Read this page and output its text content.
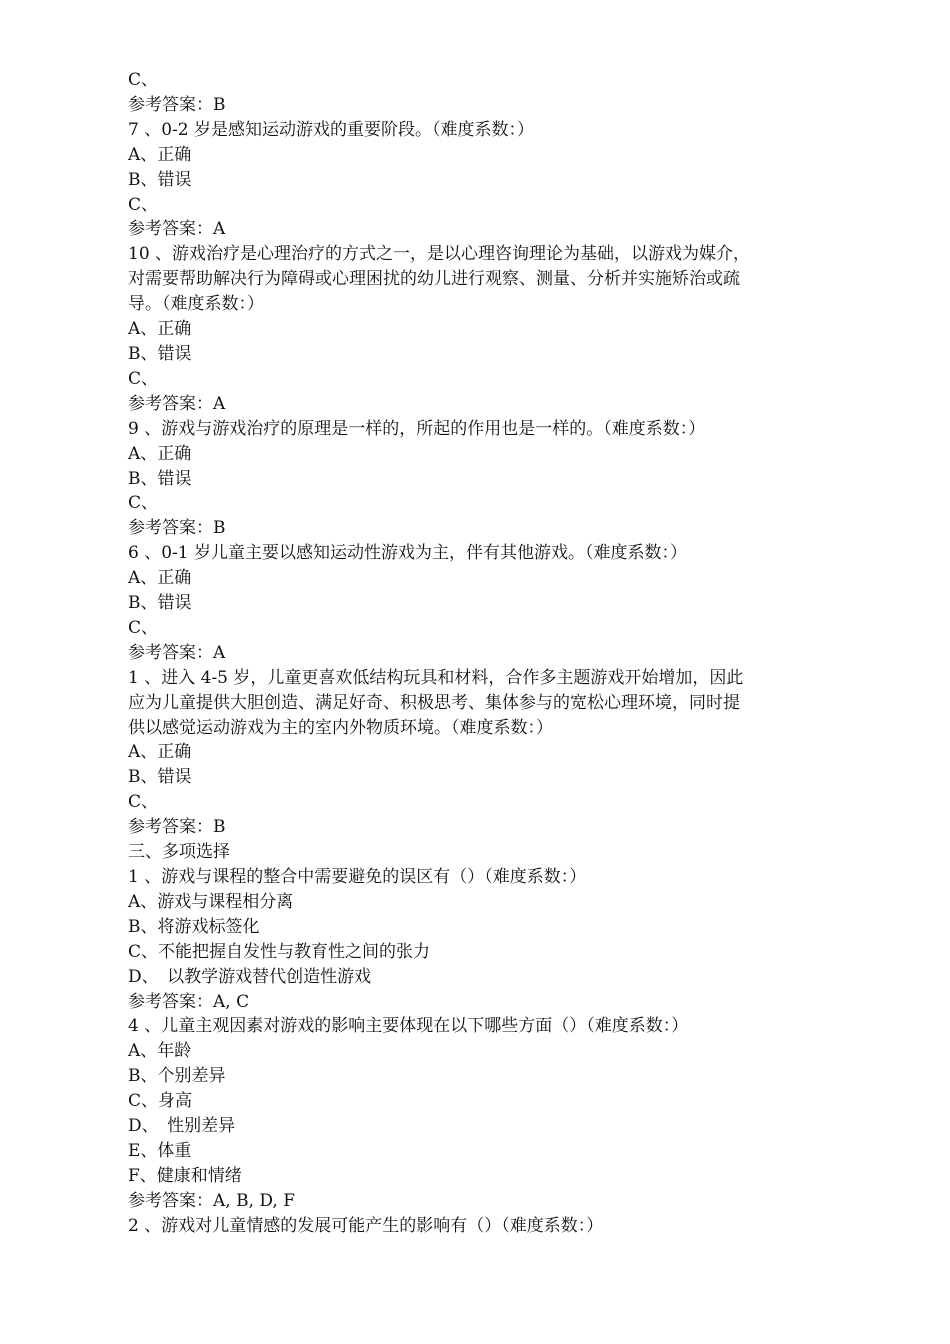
C、

参考答案：B

7 、0-2 岁是感知运动游戏的重要阶段。（难度系数：）

A、正确

B、错误

C、

参考答案：A

10 、游戏治疗是心理治疗的方式之一，是以心理咨询理论为基础，以游戏为媒介，

对需要帮助解决行为障碍或心理困扰的幼儿进行观察、测量、分析并实施矫治或疏

导。（难度系数：）

A、正确

B、错误

C、

参考答案：A

9 、游戏与游戏治疗的原理是一样的，所起的作用也是一样的。（难度系数：）

A、正确

B、错误

C、

参考答案：B

6 、0-1 岁儿童主要以感知运动性游戏为主，伴有其他游戏。（难度系数：）

A、正确

B、错误

C、

参考答案：A

1 、进入 4-5 岁，儿童更喜欢低结构玩具和材料，合作多主题游戏开始增加，因此

应为儿童提供大胆创造、满足好奇、积极思考、集体参与的宽松心理环境，同时提

供以感觉运动游戏为主的室内外物质环境。（难度系数：）

A、正确

B、错误

C、

参考答案：B

三、多项选择

1 、游戏与课程的整合中需要避免的误区有（）（难度系数：）

A、游戏与课程相分离

B、将游戏标签化

C、不能把握自发性与教育性之间的张力

D、　以教学游戏替代创造性游戏

参考答案：A, C

4 、儿童主观因素对游戏的影响主要体现在以下哪些方面（）（难度系数：）

A、年龄

B、个别差异

C、身高

D、　性别差异

E、体重

F、健康和情绪

参考答案：A, B, D, F

2 、游戏对儿童情感的发展可能产生的影响有（）（难度系数：）
